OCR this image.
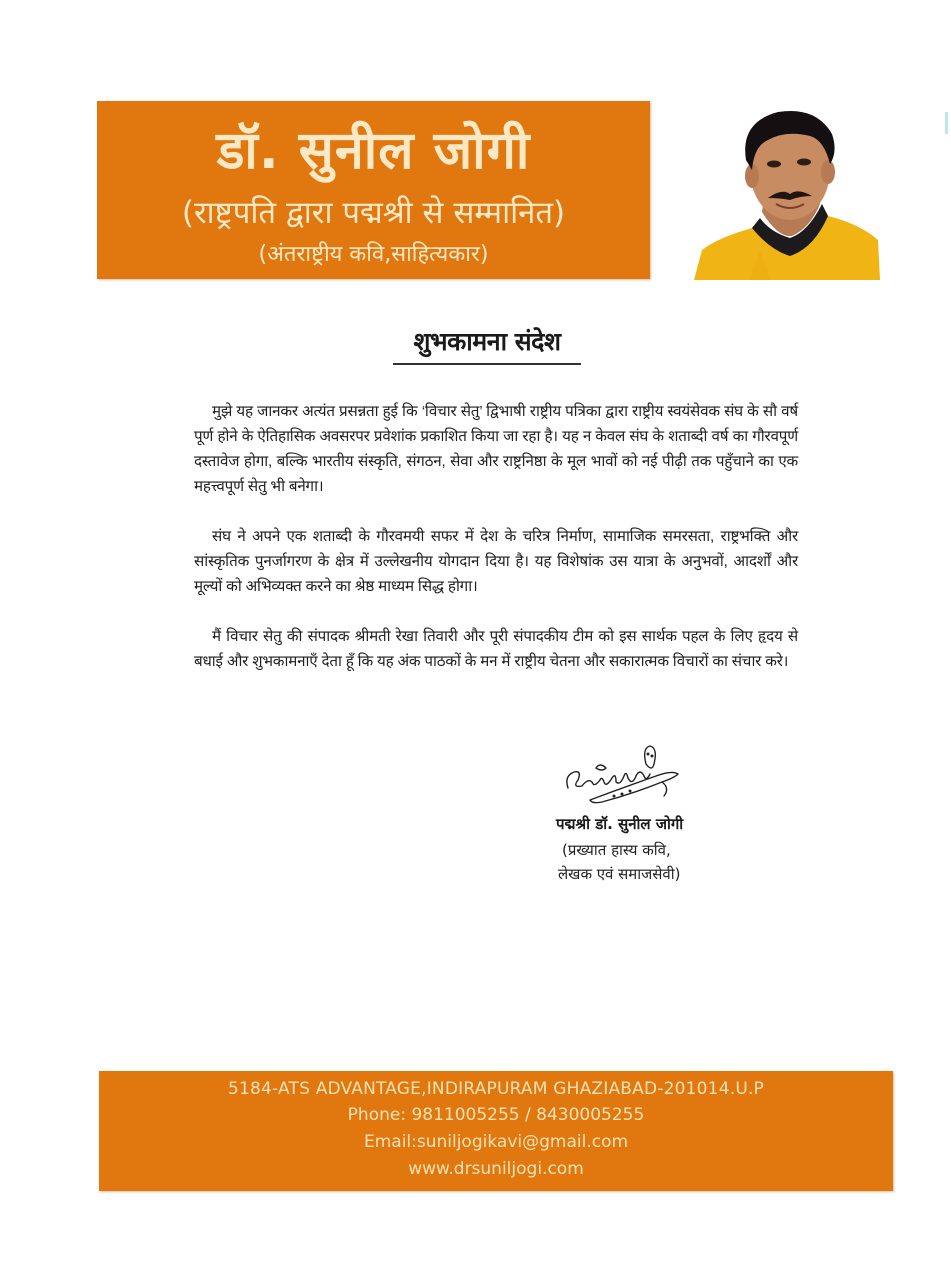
डॉ. सुनील जोगी
(राष्ट्रपति द्वारा पद्मश्री से सम्मानित)
(अंतराष्ट्रीय कवि,साहित्यकार)
शुभकामना संदेश

मुझे यह जानकर अत्यंत प्रसन्नता हुई कि ‘विचार सेतु’ द्विभाषी राष्ट्रीय पत्रिका द्वारा राष्ट्रीय स्वयंसेवक संघ के सौ वर्ष पूर्ण होने के ऐतिहासिक अवसरपर प्रवेशांक प्रकाशित किया जा रहा है। यह न केवल संघ के शताब्दी वर्ष का गौरवपूर्ण दस्तावेज होगा, बल्कि भारतीय संस्कृति, संगठन, सेवा और राष्ट्रनिष्ठा के मूल भावों को नई पीढ़ी तक पहुँचाने का एक महत्त्वपूर्ण सेतु भी बनेगा।

संघ ने अपने एक शताब्दी के गौरवमयी सफर में देश के चरित्र निर्माण, सामाजिक समरसता, राष्ट्रभक्ति और सांस्कृतिक पुनर्जागरण के क्षेत्र में उल्लेखनीय योगदान दिया है। यह विशेषांक उस यात्रा के अनुभवों, आदर्शों और मूल्यों को अभिव्यक्त करने का श्रेष्ठ माध्यम सिद्ध होगा।

मैं विचार सेतु की संपादक श्रीमती रेखा तिवारी और पूरी संपादकीय टीम को इस सार्थक पहल के लिए हृदय से बधाई और शुभकामनाएँ देता हूँ कि यह अंक पाठकों के मन में राष्ट्रीय चेतना और सकारात्मक विचारों का संचार करे।

पद्मश्री डॉ. सुनील जोगी
(प्रख्यात हास्य कवि,
लेखक एवं समाजसेवी)
5184-ATS ADVANTAGE,INDIRAPURAM GHAZIABAD-201014.U.P
Phone: 9811005255 / 8430005255
Email:suniljogikavi@gmail.com
www.drsuniljogi.com
